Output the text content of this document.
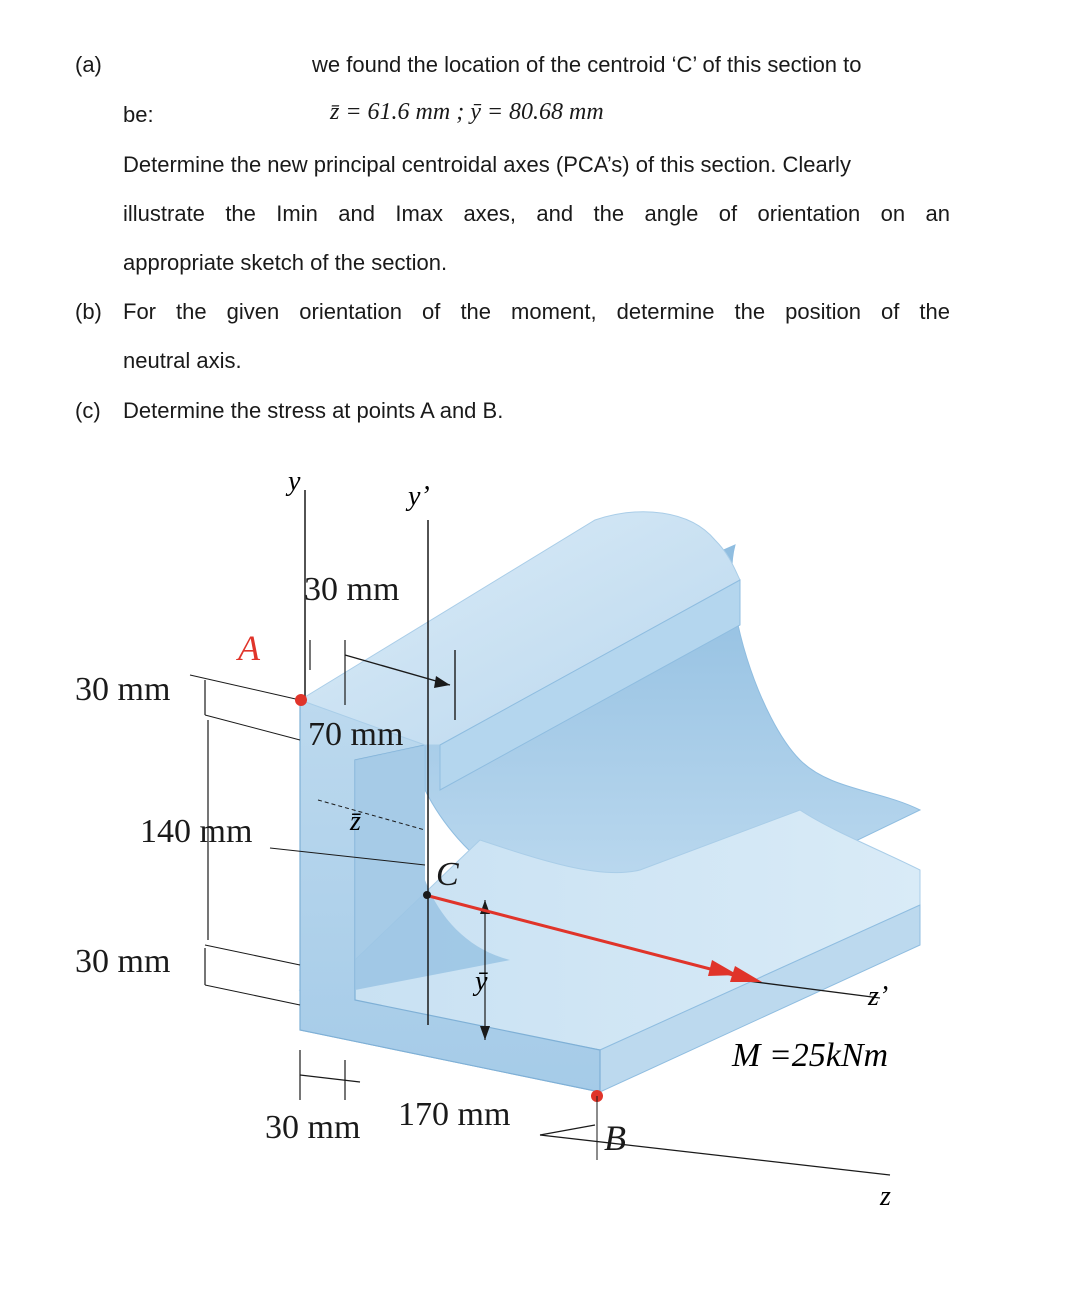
(a)	we found the location of the centroid ‘C’ of this section to
be:	z̄ = 61.6 mm ; ȳ = 80.68 mm
Determine the new principal centroidal axes (PCA’s) of this section. Clearly
illustrate the Imin and Imax axes, and the angle of orientation on an
appropriate sketch of the section.
(b) For the given orientation of the moment, determine the position of the
neutral axis.
(c) Determine the stress at points A and B.
y	y’
z
z’
30 mm
70 mm
140 mm
30 mm
30 mm
30 mm 170 mm
A
B
C
z̄
ȳ
M =25kNm
